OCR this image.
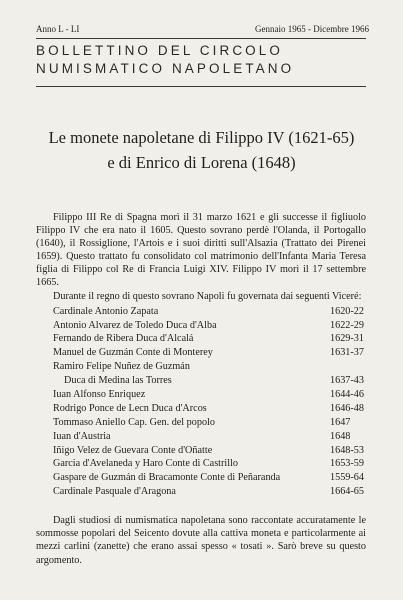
Anno L - LI	Gennaio 1965 - Dicembre 1966
BOLLETTINO DEL CIRCOLO
NUMISMATICO NAPOLETANO
Le monete napoletane di Filippo IV (1621-65)
e di Enrico di Lorena (1648)

Filippo III Re di Spagna morì il 31 marzo 1621 e gli successe il figliuolo Filippo IV che era nato il 1605. Questo sovrano perdè l'Olanda, il Portogallo (1640), il Rossiglione, l'Artois e i suoi diritti sull'Alsazia (Trattato dei Pirenei 1659). Questo trattato fu consolidato col matrimonio dell'Infanta Maria Teresa figlia di Filippo col Re di Francia Luigi XIV. Filippo IV morì il 17 settembre 1665.

Durante il regno di questo sovrano Napoli fu governata dai seguenti Viceré:

Cardinale Antonio Zapata	1620-22
Antonio Alvarez de Toledo Duca d'Alba	1622-29
Fernando de Ribera Duca d'Alcalá	1629-31
Manuel de Guzmán Conte di Monterey	1631-37
Ramiro Felipe Nuñez de Guzmán
Duca di Medina las Torres	1637-43
Iuan Alfonso Enriquez	1644-46
Rodrigo Ponce de Lecn Duca d'Arcos	1646-48
Tommaso Aniello Cap. Gen. del popolo	1647
Iuan d'Austria	1648
Iñigo Velez de Guevara Conte d'Oñatte	1648-53
Garcia d'Avelaneda y Haro Conte di Castrillo	1653-59
Gaspare de Guzmán di Bracamonte Conte di Peñaranda	1559-64
Cardinale Pasquale d'Aragona	1664-65

Dagli studiosi di numismatica napoletana sono raccontate accuratamente le sommosse popolari del Seicento dovute alla cattiva moneta e particolarmente ai mezzi carlini (zanette) che erano assai spesso « tosati ». Sarò breve su questo argomento.
